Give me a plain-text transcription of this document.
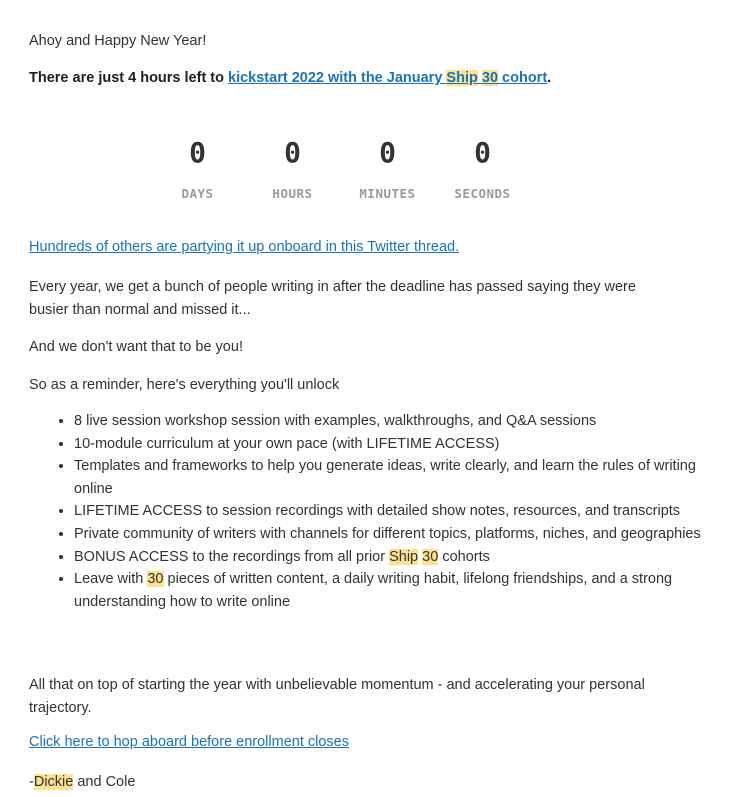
Ahoy and Happy New Year!

There are just 4 hours left to kickstart 2022 with the January Ship 30 cohort.

0
DAYS
0
HOURS
0
MINUTES
0
SECONDS
Hundreds of others are partying it up onboard in this Twitter thread.

Every year, we get a bunch of people writing in after the deadline has passed saying they were busier than normal and missed it...

And we don't want that to be you!

So as a reminder, here's everything you'll unlock

• 8 live session workshop session with examples, walkthroughs, and Q&A sessions
• 10-module curriculum at your own pace (with LIFETIME ACCESS)
• Templates and frameworks to help you generate ideas, write clearly, and learn the rules of writing online
• LIFETIME ACCESS to session recordings with detailed show notes, resources, and transcripts
• Private community of writers with channels for different topics, platforms, niches, and geographies
• BONUS ACCESS to the recordings from all prior Ship 30 cohorts
• Leave with 30 pieces of written content, a daily writing habit, lifelong friendships, and a strong understanding how to write online

All that on top of starting the year with unbelievable momentum - and accelerating your personal trajectory.

Click here to hop aboard before enrollment closes

-Dickie and Cole
